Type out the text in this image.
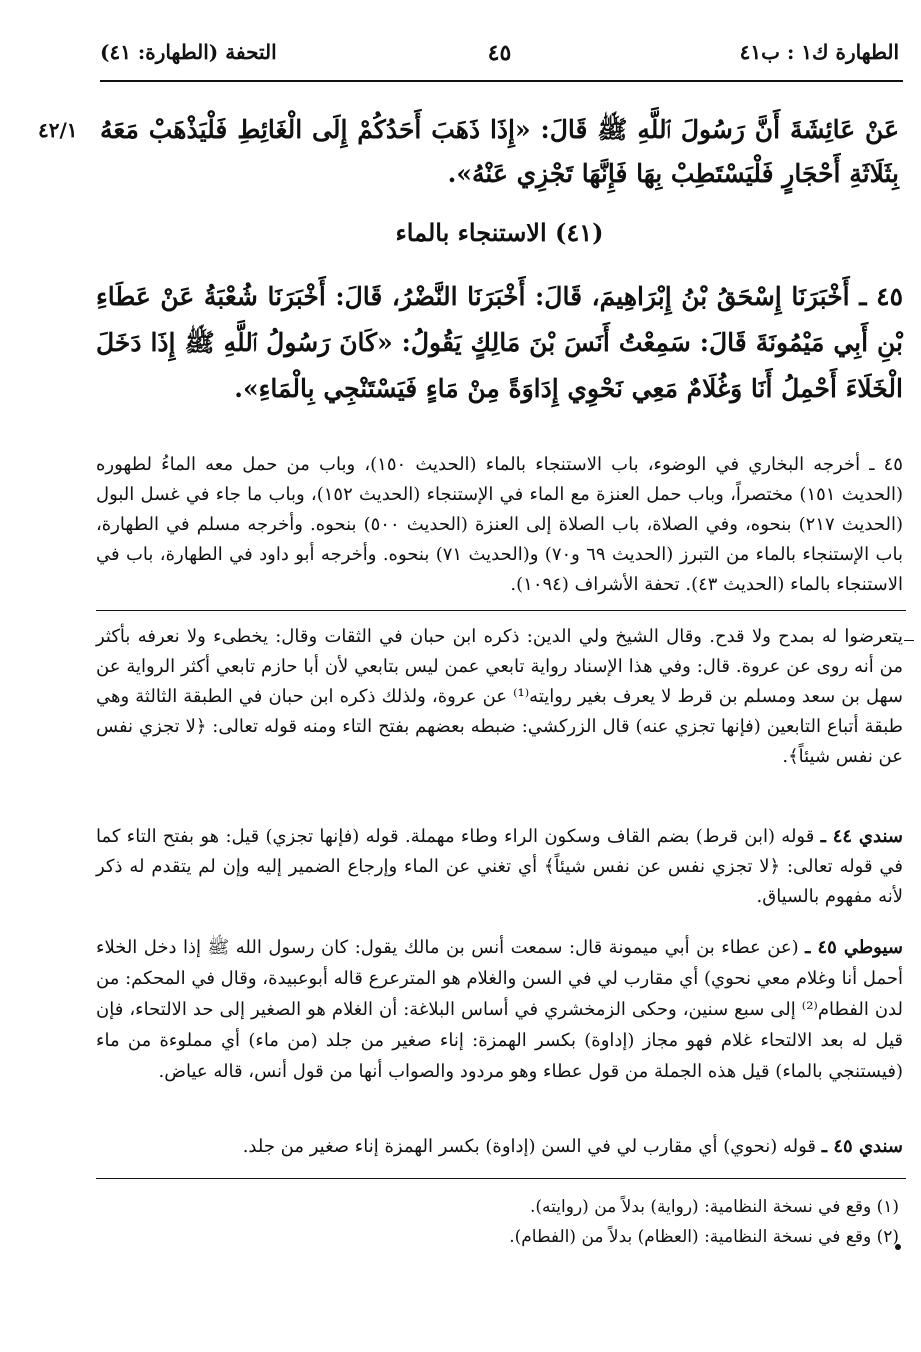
الطهارة ك١ : ب٤١
٤٥
التحفة (الطهارة: ٤١)
٤٢/١ عَنْ عَائِشَةَ أَنَّ رَسُولَ ٱللَّهِ ﷺ قَالَ: «إِذَا ذَهَبَ أَحَدُكُمْ إِلَى الْغَائِطِ فَلْيَذْهَبْ مَعَهُ بِثَلَاثَةِ أَحْجَارٍ فَلْيَسْتَطِبْ بِهَا فَإِنَّهَا تَجْزِي عَنْهُ».
(٤١) الاستنجاء بالماء
٤٥ ـ أَخْبَرَنَا إِسْحَقُ بْنُ إِبْرَاهِيمَ، قَالَ: أَخْبَرَنَا النَّضْرُ، قَالَ: أَخْبَرَنَا شُعْبَةُ عَنْ عَطَاءِ بْنِ أَبِي مَيْمُونَةَ قَالَ: سَمِعْتُ أَنَسَ بْنَ مَالِكٍ يَقُولُ: «كَانَ رَسُولُ ٱللَّهِ ﷺ إِذَا دَخَلَ الْخَلَاءَ أَحْمِلُ أَنَا وَغُلَامٌ مَعِي نَحْوِي إِدَاوَةً مِنْ مَاءٍ فَيَسْتَنْجِي بِالْمَاءِ».
٤٥ ـ أخرجه البخاري في الوضوء، باب الاستنجاء بالماء (الحديث ١٥٠)، وباب من حمل معه الماءُ لطهوره (الحديث ١٥١) مختصراً، وباب حمل العنزة مع الماء في الإستنجاء (الحديث ١٥٢)، وباب ما جاء في غسل البول (الحديث ٢١٧) بنحوه، وفي الصلاة، باب الصلاة إلى العنزة (الحديث ٥٠٠) بنحوه. وأخرجه مسلم في الطهارة، باب الإستنجاء بالماء من التبرز (الحديث ٦٩ و٧٠) و(الحديث ٧١) بنحوه. وأخرجه أبو داود في الطهارة، باب في الاستنجاء بالماء (الحديث ٤٣). تحفة الأشراف (١٠٩٤).
يتعرضوا له بمدح ولا قدح. وقال الشيخ ولي الدين: ذكره ابن حبان في الثقات وقال: يخطىء ولا نعرفه بأكثر من أنه روى عن عروة. قال: وفي هذا الإسناد رواية تابعي عمن ليس بتابعي لأن أبا حازم تابعي أكثر الرواية عن سهل بن سعد ومسلم بن قرط لا يعرف بغير روايته⁽¹⁾ عن عروة، ولذلك ذكره ابن حبان في الطبقة الثالثة وهي طبقة أتباع التابعين (فإنها تجزي عنه) قال الزركشي: ضبطه بعضهم بفتح التاء ومنه قوله تعالى: ﴿لا تجزي نفس عن نفس شيئاً﴾.
سندي ٤٤ ـ قوله (ابن قرط) بضم القاف وسكون الراء وطاء مهملة. قوله (فإنها تجزي) قيل: هو بفتح التاء كما في قوله تعالى: ﴿لا تجزي نفس عن نفس شيئاً﴾ أي تغني عن الماء وإرجاع الضمير إليه وإن لم يتقدم له ذكر لأنه مفهوم بالسياق.
سيوطي ٤٥ ـ (عن عطاء بن أبي ميمونة قال: سمعت أنس بن مالك يقول: كان رسول الله ﷺ إذا دخل الخلاء أحمل أنا وغلام معي نحوي) أي مقارب لي في السن والغلام هو المترعرع قاله أبوعبيدة، وقال في المحكم: من لدن الفطام⁽²⁾ إلى سبع سنين، وحكى الزمخشري في أساس البلاغة: أن الغلام هو الصغير إلى حد الالتحاء، فإن قيل له بعد الالتحاء غلام فهو مجاز (إداوة) بكسر الهمزة: إناء صغير من جلد (من ماء) أي مملوءة من ماء (فيستنجي بالماء) قيل هذه الجملة من قول عطاء وهو مردود والصواب أنها من قول أنس، قاله عياض.
سندي ٤٥ ـ قوله (نحوي) أي مقارب لي في السن (إداوة) بكسر الهمزة إناء صغير من جلد.
(١) وقع في نسخة النظامية: (رواية) بدلاً من (روايته).
(٢) وقع في نسخة النظامية: (العظام) بدلاً من (الفطام).
